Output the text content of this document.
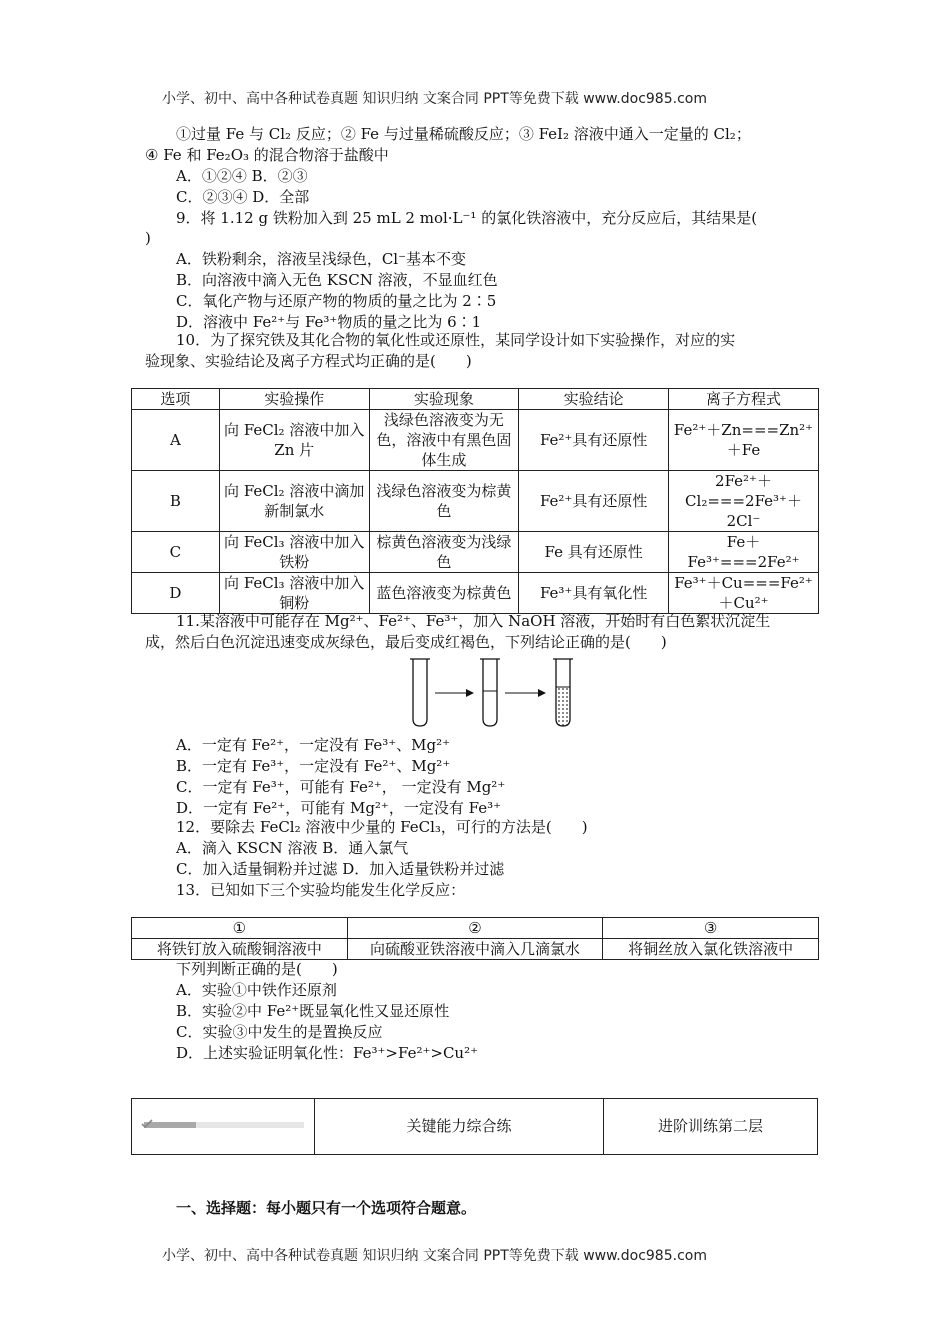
小学、初中、高中各种试卷真题 知识归纳 文案合同 PPT等免费下载 www.doc985.com
①过量 Fe 与 Cl₂ 反应；② Fe 与过量稀硫酸反应；③ FeI₂ 溶液中通入一定量的 Cl₂；
④ Fe 和 Fe₂O₃ 的混合物溶于盐酸中
A．①②④ B．②③
C．②③④ D．全部
9．将 1.12 g 铁粉加入到 25 mL 2 mol·L⁻¹ 的氯化铁溶液中，充分反应后，其结果是(
)
A．铁粉剩余，溶液呈浅绿色，Cl⁻基本不变
B．向溶液中滴入无色 KSCN 溶液，不显血红色
C．氧化产物与还原产物的物质的量之比为 2∶5
D．溶液中 Fe²⁺与 Fe³⁺物质的量之比为 6∶1
10．为了探究铁及其化合物的氧化性或还原性，某同学设计如下实验操作，对应的实
验现象、实验结论及离子方程式均正确的是(　　)
选项	实验操作	实验现象	实验结论	离子方程式
A	向 FeCl₂ 溶液中加入 Zn 片	浅绿色溶液变为无色，溶液中有黑色固体生成	Fe²⁺具有还原性	Fe²⁺＋Zn===Zn²⁺＋Fe
B	向 FeCl₂ 溶液中滴加新制氯水	浅绿色溶液变为棕黄色	Fe²⁺具有还原性	2Fe²⁺＋Cl₂===2Fe³⁺＋2Cl⁻
C	向 FeCl₃ 溶液中加入铁粉	棕黄色溶液变为浅绿色	Fe 具有还原性	Fe＋Fe³⁺===2Fe²⁺
D	向 FeCl₃ 溶液中加入铜粉	蓝色溶液变为棕黄色	Fe³⁺具有氧化性	Fe³⁺＋Cu===Fe²⁺＋Cu²⁺
11.某溶液中可能存在 Mg²⁺、Fe²⁺、Fe³⁺，加入 NaOH 溶液，开始时有白色絮状沉淀生
成，然后白色沉淀迅速变成灰绿色，最后变成红褐色，下列结论正确的是(　　)
A．一定有 Fe²⁺，一定没有 Fe³⁺、Mg²⁺
B．一定有 Fe³⁺，一定没有 Fe²⁺、Mg²⁺
C．一定有 Fe³⁺，可能有 Fe²⁺， 一定没有 Mg²⁺
D．一定有 Fe²⁺，可能有 Mg²⁺，一定没有 Fe³⁺
12．要除去 FeCl₂ 溶液中少量的 FeCl₃，可行的方法是(　　)
A．滴入 KSCN 溶液 B．通入氯气
C．加入适量铜粉并过滤 D．加入适量铁粉并过滤
13．已知如下三个实验均能发生化学反应：
①	②	③
将铁钉放入硫酸铜溶液中	向硫酸亚铁溶液中滴入几滴氯水	将铜丝放入氯化铁溶液中
下列判断正确的是(　　)
A．实验①中铁作还原剂
B．实验②中 Fe²⁺既显氧化性又显还原性
C．实验③中发生的是置换反应
D．上述实验证明氧化性：Fe³⁺>Fe²⁺>Cu²⁺
关键能力综合练	进阶训练第二层
一、选择题：每小题只有一个选项符合题意。
小学、初中、高中各种试卷真题 知识归纳 文案合同 PPT等免费下载 www.doc985.com
